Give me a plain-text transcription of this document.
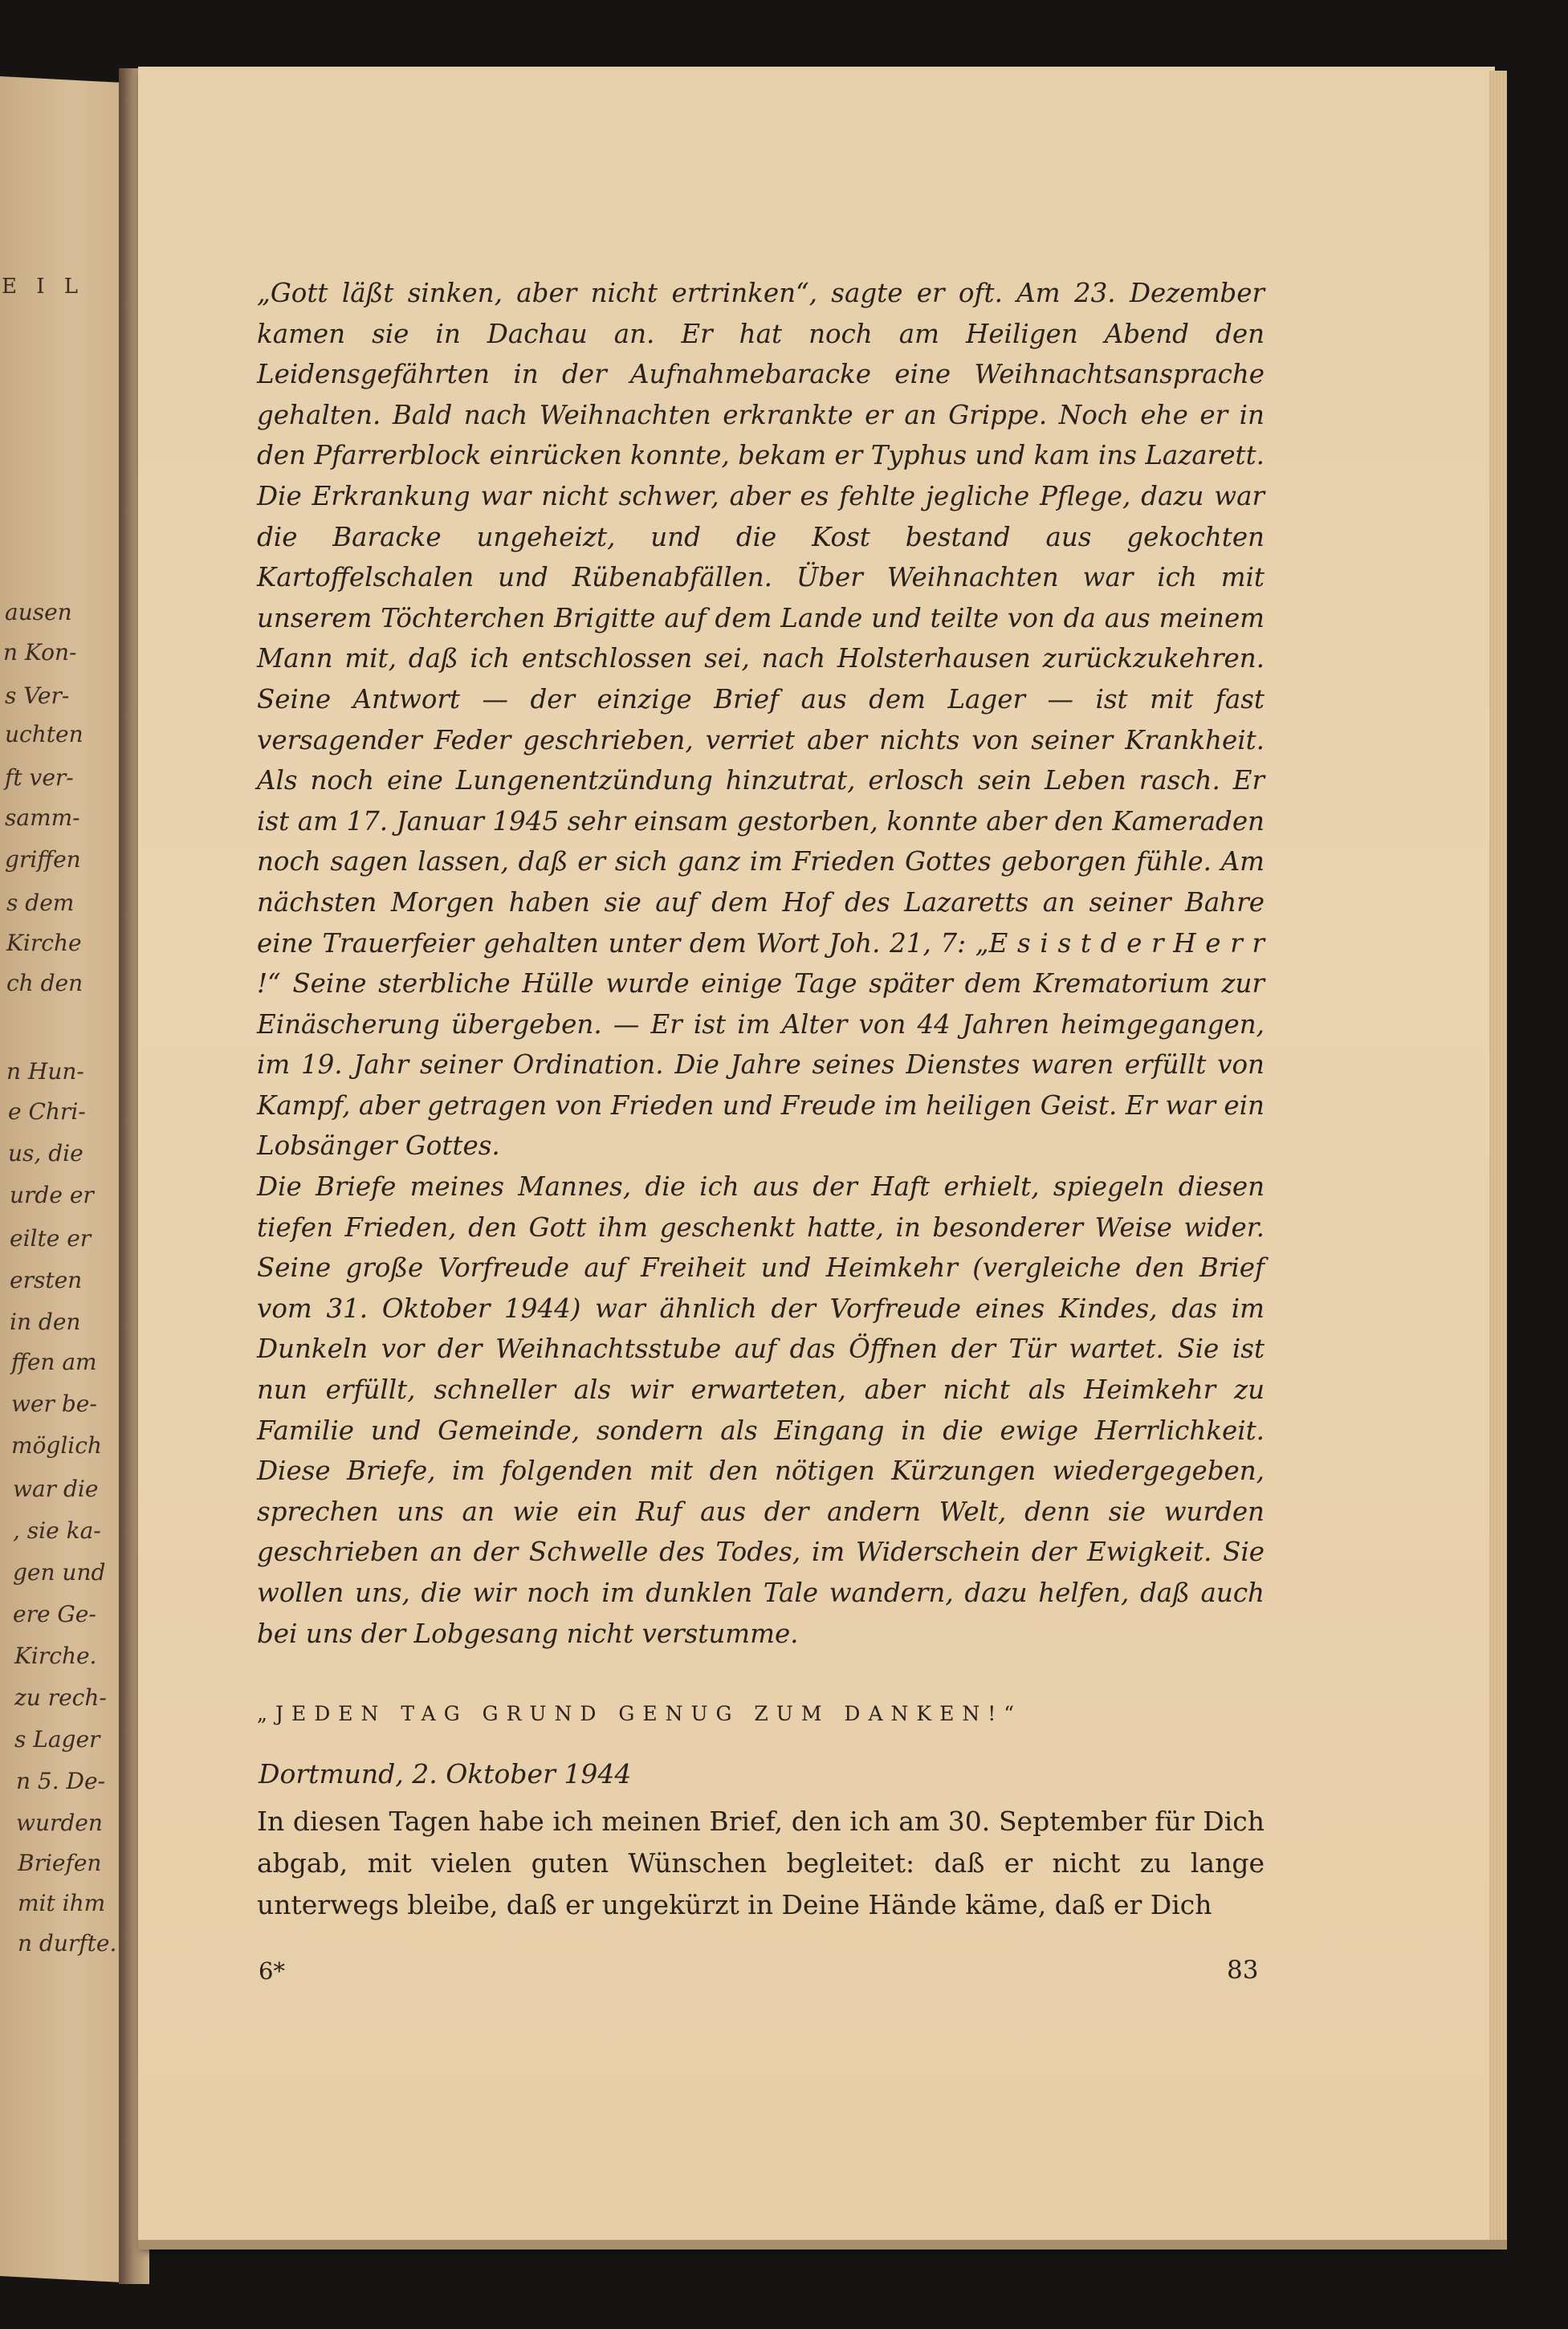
E I L
ausen
n Kon-
s Ver-
uchten
ft ver-
samm-
griffen
s dem
Kirche
ch den
n Hun-
e Chri-
us, die
urde er
eilte er
ersten
in den
ffen am
wer be-
möglich
war die
, sie ka-
gen und
ere Ge-
Kirche.
zu rech-
s Lager
n 5. De-
wurden
Briefen
mit ihm
n durfte.

„Gott läßt sinken, aber nicht ertrinken“, sagte er oft. Am 23. Dezember kamen sie in Dachau an. Er hat noch am Heiligen Abend den Leidensgefährten in der Aufnahmebaracke eine Weihnachtsansprache gehalten. Bald nach Weihnachten erkrankte er an Grippe. Noch ehe er in den Pfarrerblock einrücken konnte, bekam er Typhus und kam ins Lazarett. Die Erkrankung war nicht schwer, aber es fehlte jegliche Pflege, dazu war die Baracke ungeheizt, und die Kost bestand aus gekochten Kartoffelschalen und Rübenabfällen. Über Weihnachten war ich mit unserem Töchterchen Brigitte auf dem Lande und teilte von da aus meinem Mann mit, daß ich entschlossen sei, nach Holsterhausen zurückzukehren. Seine Antwort — der einzige Brief aus dem Lager — ist mit fast versagender Feder geschrieben, verriet aber nichts von seiner Krankheit. Als noch eine Lungenentzündung hinzutrat, erlosch sein Leben rasch. Er ist am 17. Januar 1945 sehr einsam gestorben, konnte aber den Kameraden noch sagen lassen, daß er sich ganz im Frieden Gottes geborgen fühle. Am nächsten Morgen haben sie auf dem Hof des Lazaretts an seiner Bahre eine Trauerfeier gehalten unter dem Wort Joh. 21, 7: „E s i s t d e r H e r r !“ Seine sterbliche Hülle wurde einige Tage später dem Krematorium zur Einäscherung übergeben. — Er ist im Alter von 44 Jahren heimgegangen, im 19. Jahr seiner Ordination. Die Jahre seines Dienstes waren erfüllt von Kampf, aber getragen von Frieden und Freude im heiligen Geist. Er war ein Lobsänger Gottes.

Die Briefe meines Mannes, die ich aus der Haft erhielt, spiegeln diesen tiefen Frieden, den Gott ihm geschenkt hatte, in besonderer Weise wider. Seine große Vorfreude auf Freiheit und Heimkehr (vergleiche den Brief vom 31. Oktober 1944) war ähnlich der Vorfreude eines Kindes, das im Dunkeln vor der Weihnachtsstube auf das Öffnen der Tür wartet. Sie ist nun erfüllt, schneller als wir erwarteten, aber nicht als Heimkehr zu Familie und Gemeinde, sondern als Eingang in die ewige Herrlichkeit. Diese Briefe, im folgenden mit den nötigen Kürzungen wiedergegeben, sprechen uns an wie ein Ruf aus der andern Welt, denn sie wurden geschrieben an der Schwelle des Todes, im Widerschein der Ewigkeit. Sie wollen uns, die wir noch im dunklen Tale wandern, dazu helfen, daß auch bei uns der Lobgesang nicht verstumme.

„JEDEN TAG GRUND GENUG ZUM DANKEN!“
Dortmund, 2. Oktober 1944

In diesen Tagen habe ich meinen Brief, den ich am 30. September für Dich abgab, mit vielen guten Wünschen begleitet: daß er nicht zu lange unterwegs bleibe, daß er ungekürzt in Deine Hände käme, daß er Dich

6*	83
